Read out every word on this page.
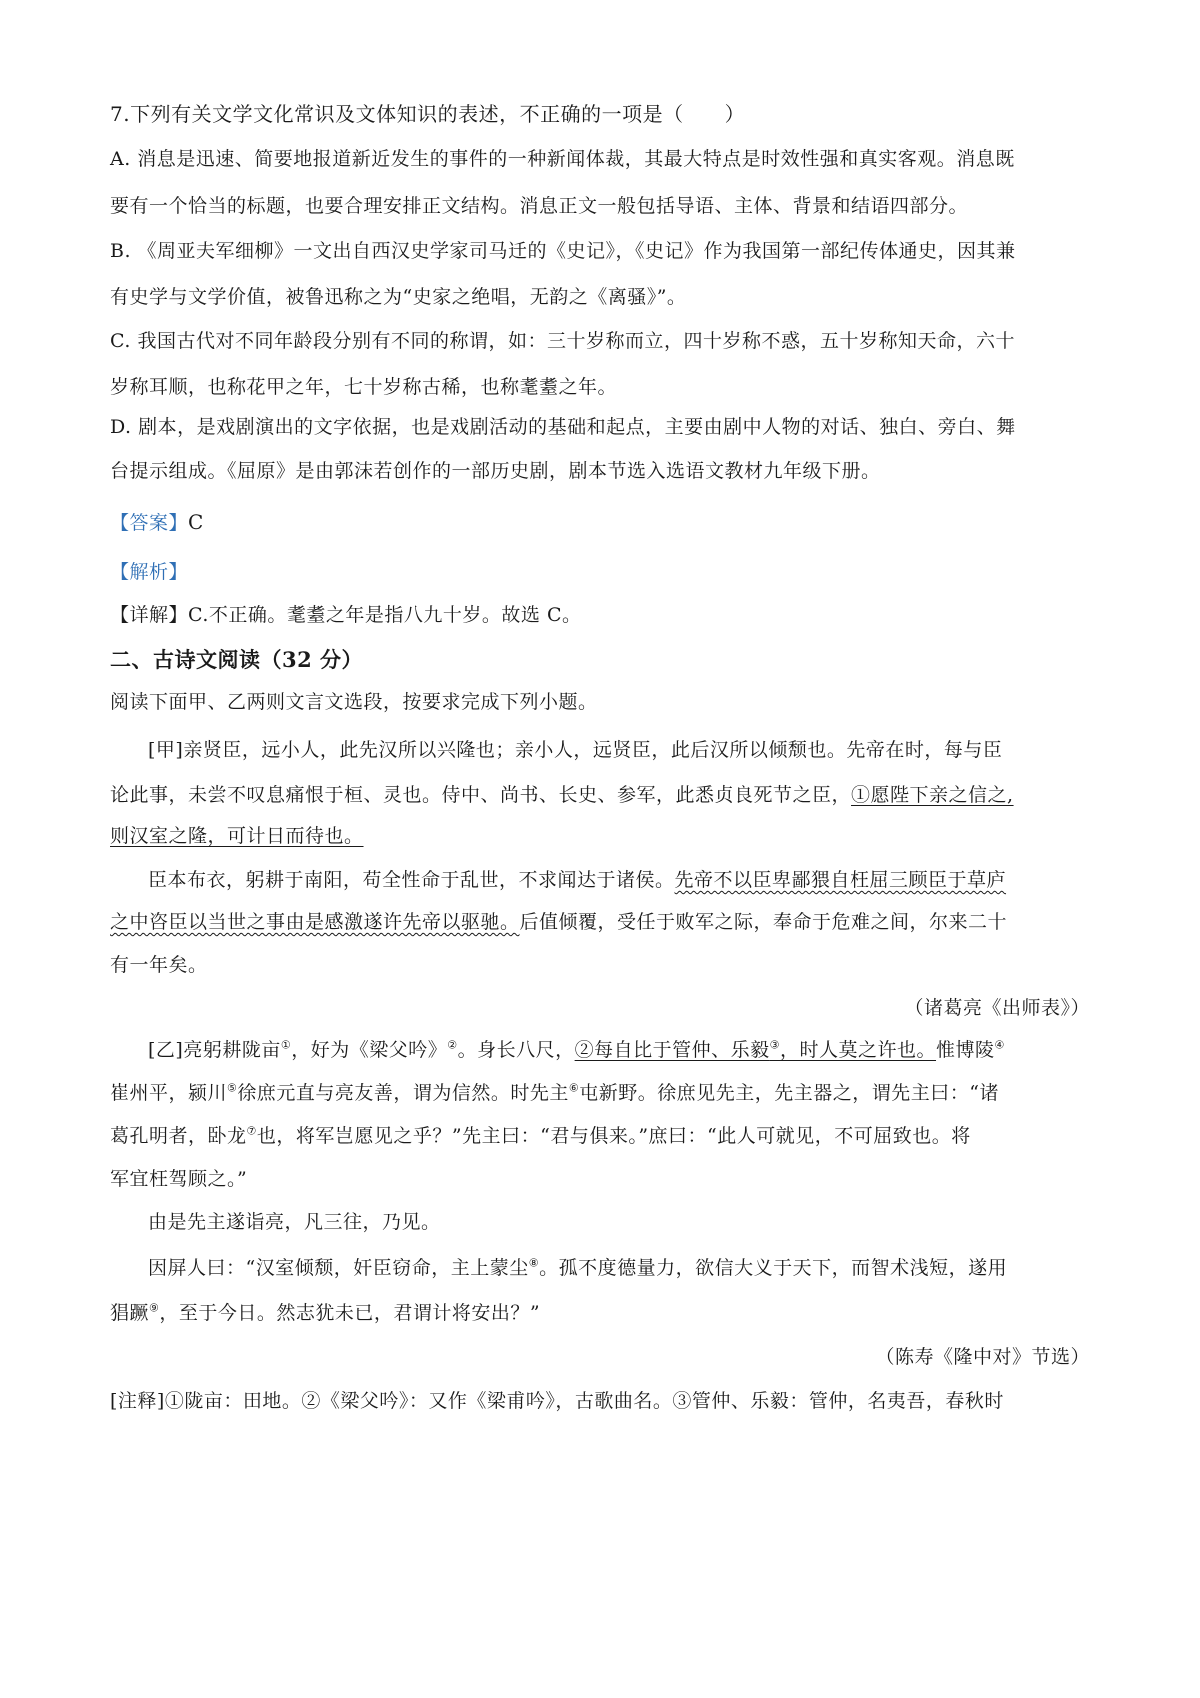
7.下列有关文学文化常识及文体知识的表述，不正确的一项是（　　）
A. 消息是迅速、简要地报道新近发生的事件的一种新闻体裁，其最大特点是时效性强和真实客观。消息既
要有一个恰当的标题，也要合理安排正文结构。消息正文一般包括导语、主体、背景和结语四部分。
B. 《周亚夫军细柳》一文出自西汉史学家司马迁的《史记》，《史记》作为我国第一部纪传体通史，因其兼
有史学与文学价值，被鲁迅称之为“史家之绝唱，无韵之《离骚》”。
C. 我国古代对不同年龄段分别有不同的称谓，如：三十岁称而立，四十岁称不惑，五十岁称知天命，六十
岁称耳顺，也称花甲之年，七十岁称古稀，也称耄耋之年。
D. 剧本，是戏剧演出的文字依据，也是戏剧活动的基础和起点，主要由剧中人物的对话、独白、旁白、舞
台提示组成。《屈原》是由郭沫若创作的一部历史剧，剧本节选入选语文教材九年级下册。
【答案】C
【解析】
【详解】C.不正确。耄耋之年是指八九十岁。故选 C。
二、古诗文阅读（32 分）
阅读下面甲、乙两则文言文选段，按要求完成下列小题。
[甲]亲贤臣，远小人，此先汉所以兴隆也；亲小人，远贤臣，此后汉所以倾颓也。先帝在时，每与臣
论此事，未尝不叹息痛恨于桓、灵也。侍中、尚书、长史、参军，此悉贞良死节之臣，①愿陛下亲之信之,
则汉室之隆，可计日而待也。
臣本布衣，躬耕于南阳，苟全性命于乱世，不求闻达于诸侯。先帝不以臣卑鄙猥自枉屈三顾臣于草庐
之中咨臣以当世之事由是感激遂许先帝以驱驰。后值倾覆，受任于败军之际，奉命于危难之间，尔来二十
有一年矣。
（诸葛亮《出师表》）
[乙]亮躬耕陇亩①，好为《梁父吟》②。身长八尺，②每自比于管仲、乐毅③，时人莫之许也。惟博陵④
崔州平，颍川⑤徐庶元直与亮友善，谓为信然。时先主⑥屯新野。徐庶见先主，先主器之，谓先主曰：“诸
葛孔明者，卧龙⑦也，将军岂愿见之乎？”先主曰：“君与俱来。”庶曰：“此人可就见，不可屈致也。将
军宜枉驾顾之。”
由是先主遂诣亮，凡三往，乃见。
因屏人曰：“汉室倾颓，奸臣窃命，主上蒙尘⑧。孤不度德量力，欲信大义于天下，而智术浅短，遂用
猖蹶⑨，至于今日。然志犹未已，君谓计将安出？”
（陈寿《隆中对》节选）
[注释]①陇亩：田地。②《梁父吟》：又作《梁甫吟》，古歌曲名。③管仲、乐毅：管仲，名夷吾，春秋时
